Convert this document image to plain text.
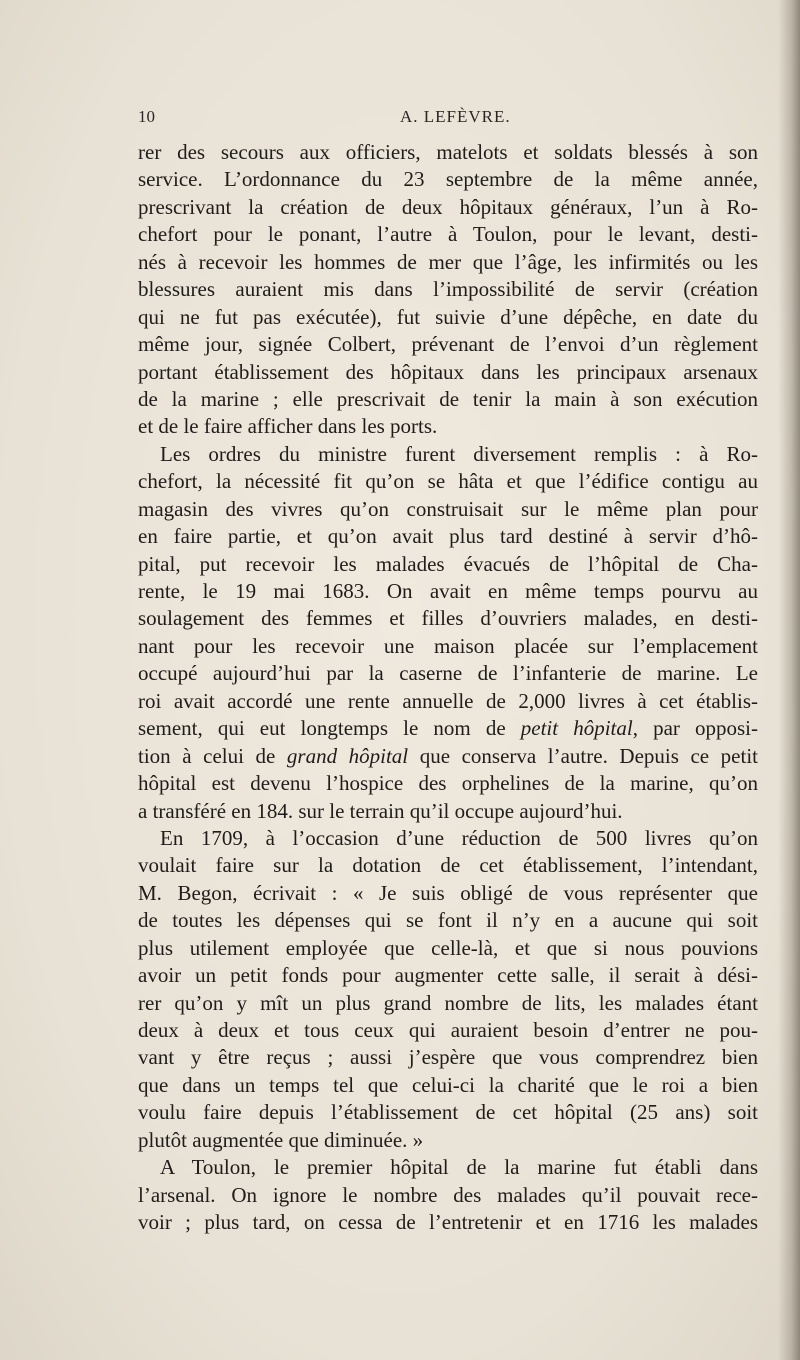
10	A. LEFÈVRE.
rer des secours aux officiers, matelots et soldats blessés à son
service. L’ordonnance du 23 septembre de la même année,
prescrivant la création de deux hôpitaux généraux, l’un à Ro-
chefort pour le ponant, l’autre à Toulon, pour le levant, desti-
nés à recevoir les hommes de mer que l’âge, les infirmités ou les
blessures auraient mis dans l’impossibilité de servir (création
qui ne fut pas exécutée), fut suivie d’une dépêche, en date du
même jour, signée Colbert, prévenant de l’envoi d’un règlement
portant établissement des hôpitaux dans les principaux arsenaux
de la marine ; elle prescrivait de tenir la main à son exécution
et de le faire afficher dans les ports.
Les ordres du ministre furent diversement remplis : à Ro-
chefort, la nécessité fit qu’on se hâta et que l’édifice contigu au
magasin des vivres qu’on construisait sur le même plan pour
en faire partie, et qu’on avait plus tard destiné à servir d’hô-
pital, put recevoir les malades évacués de l’hôpital de Cha-
rente, le 19 mai 1683. On avait en même temps pourvu au
soulagement des femmes et filles d’ouvriers malades, en desti-
nant pour les recevoir une maison placée sur l’emplacement
occupé aujourd’hui par la caserne de l’infanterie de marine. Le
roi avait accordé une rente annuelle de 2,000 livres à cet établis-
sement, qui eut longtemps le nom de petit hôpital, par opposi-
tion à celui de grand hôpital que conserva l’autre. Depuis ce petit
hôpital est devenu l’hospice des orphelines de la marine, qu’on
a transféré en 184. sur le terrain qu’il occupe aujourd’hui.
En 1709, à l’occasion d’une réduction de 500 livres qu’on
voulait faire sur la dotation de cet établissement, l’intendant,
M. Begon, écrivait : « Je suis obligé de vous représenter que
de toutes les dépenses qui se font il n’y en a aucune qui soit
plus utilement employée que celle-là, et que si nous pouvions
avoir un petit fonds pour augmenter cette salle, il serait à dési-
rer qu’on y mît un plus grand nombre de lits, les malades étant
deux à deux et tous ceux qui auraient besoin d’entrer ne pou-
vant y être reçus ; aussi j’espère que vous comprendrez bien
que dans un temps tel que celui-ci la charité que le roi a bien
voulu faire depuis l’établissement de cet hôpital (25 ans) soit
plutôt augmentée que diminuée. »
A Toulon, le premier hôpital de la marine fut établi dans
l’arsenal. On ignore le nombre des malades qu’il pouvait rece-
voir ; plus tard, on cessa de l’entretenir et en 1716 les malades
